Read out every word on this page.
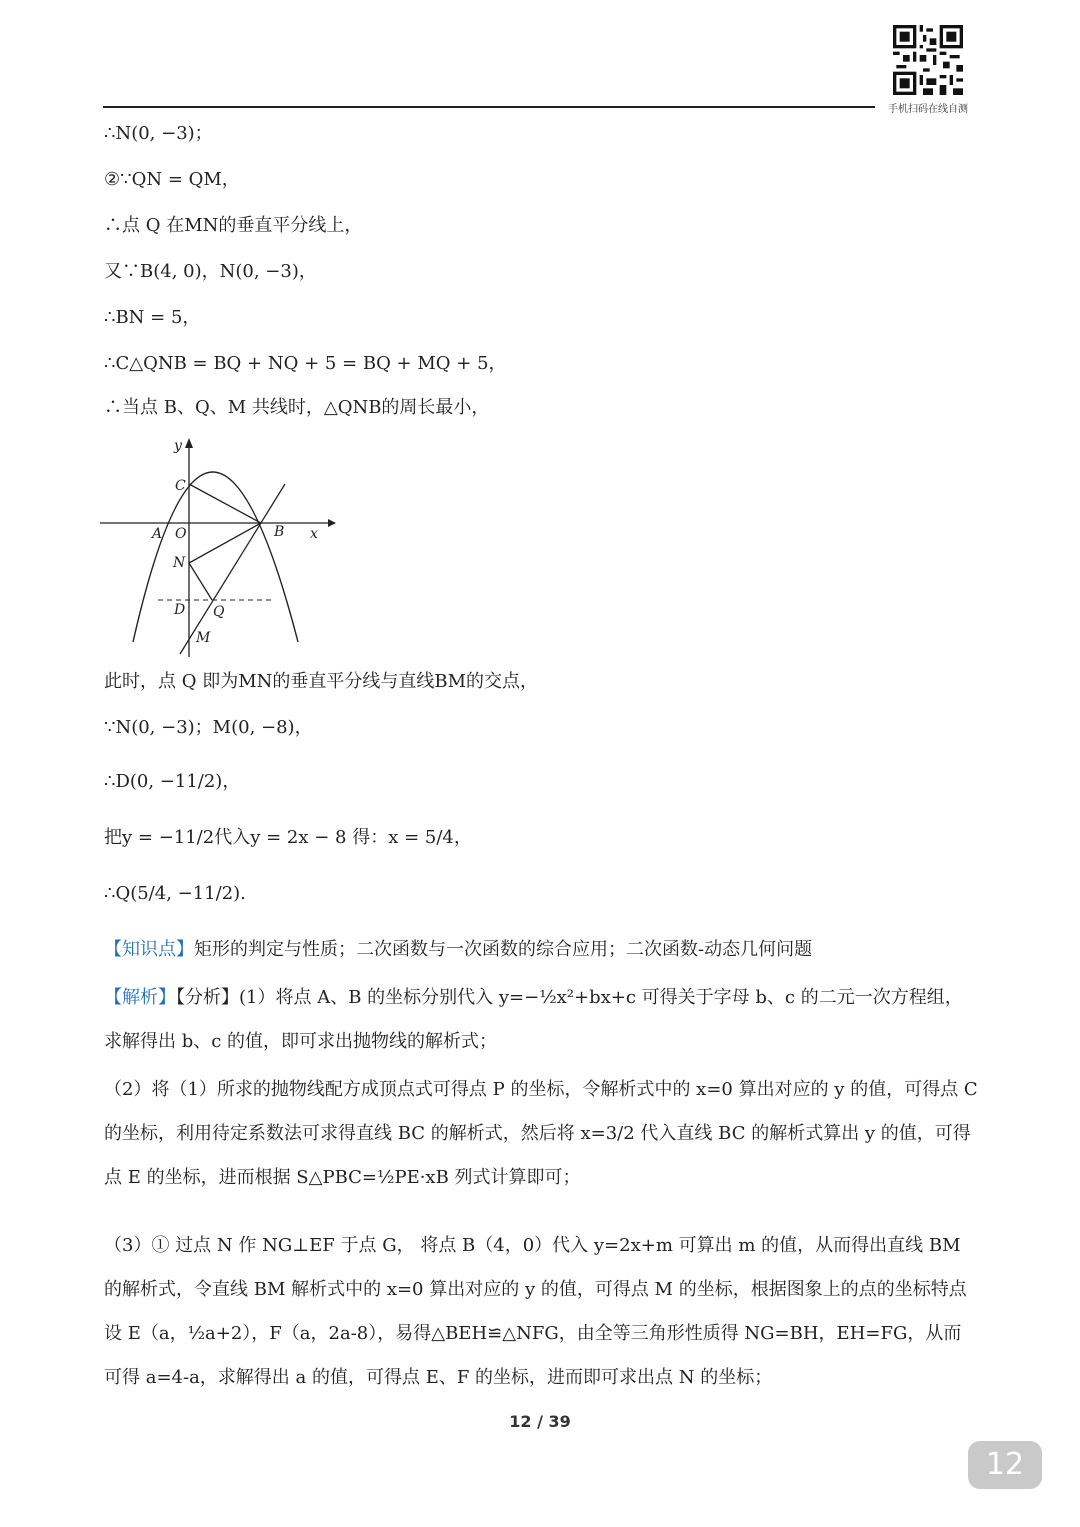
手机扫码在线自测
∴N(0, −3)；
②∵QN = QM，
∴点 Q 在MN的垂直平分线上，
又∵B(4, 0)，N(0, −3)，
∴BN = 5，
∴C△QNB = BQ + NQ + 5 = BQ + MQ + 5，
∴当点 B、Q、M 共线时，△QNB的周长最小，
y
x
C
A O	B
N
D Q
M
此时，点 Q 即为MN的垂直平分线与直线BM的交点，
∵N(0, −3)；M(0, −8)，
∴D(0, −11/2)，
把y = −11/2代入y = 2x − 8 得：x = 5/4，
∴Q(5/4, −11/2).
【知识点】矩形的判定与性质；二次函数与一次函数的综合应用；二次函数-动态几何问题
【解析】【分析】(1）将点 A、B 的坐标分别代入 y=−½x²+bx+c 可得关于字母 b、c 的二元一次方程组，求解得出 b、c 的值，即可求出抛物线的解析式；
（2）将（1）所求的抛物线配方成顶点式可得点 P 的坐标，令解析式中的 x=0 算出对应的 y 的值，可得点 C 的坐标，利用待定系数法可求得直线 BC 的解析式，然后将 x=3/2 代入直线 BC 的解析式算出 y 的值，可得点 E 的坐标，进而根据 S△PBC=½PE·xB 列式计算即可；
（3）① 过点 N 作 NG⊥EF 于点 G， 将点 B（4，0）代入 y=2x+m 可算出 m 的值，从而得出直线 BM 的解析式，令直线 BM 解析式中的 x=0 算出对应的 y 的值，可得点 M 的坐标，根据图象上的点的坐标特点设 E（a，½a+2），F（a，2a-8），易得△BEH≌△NFG，由全等三角形性质得 NG=BH，EH=FG，从而可得 a=4-a，求解得出 a 的值，可得点 E、F 的坐标，进而即可求出点 N 的坐标；
12 / 39
12
